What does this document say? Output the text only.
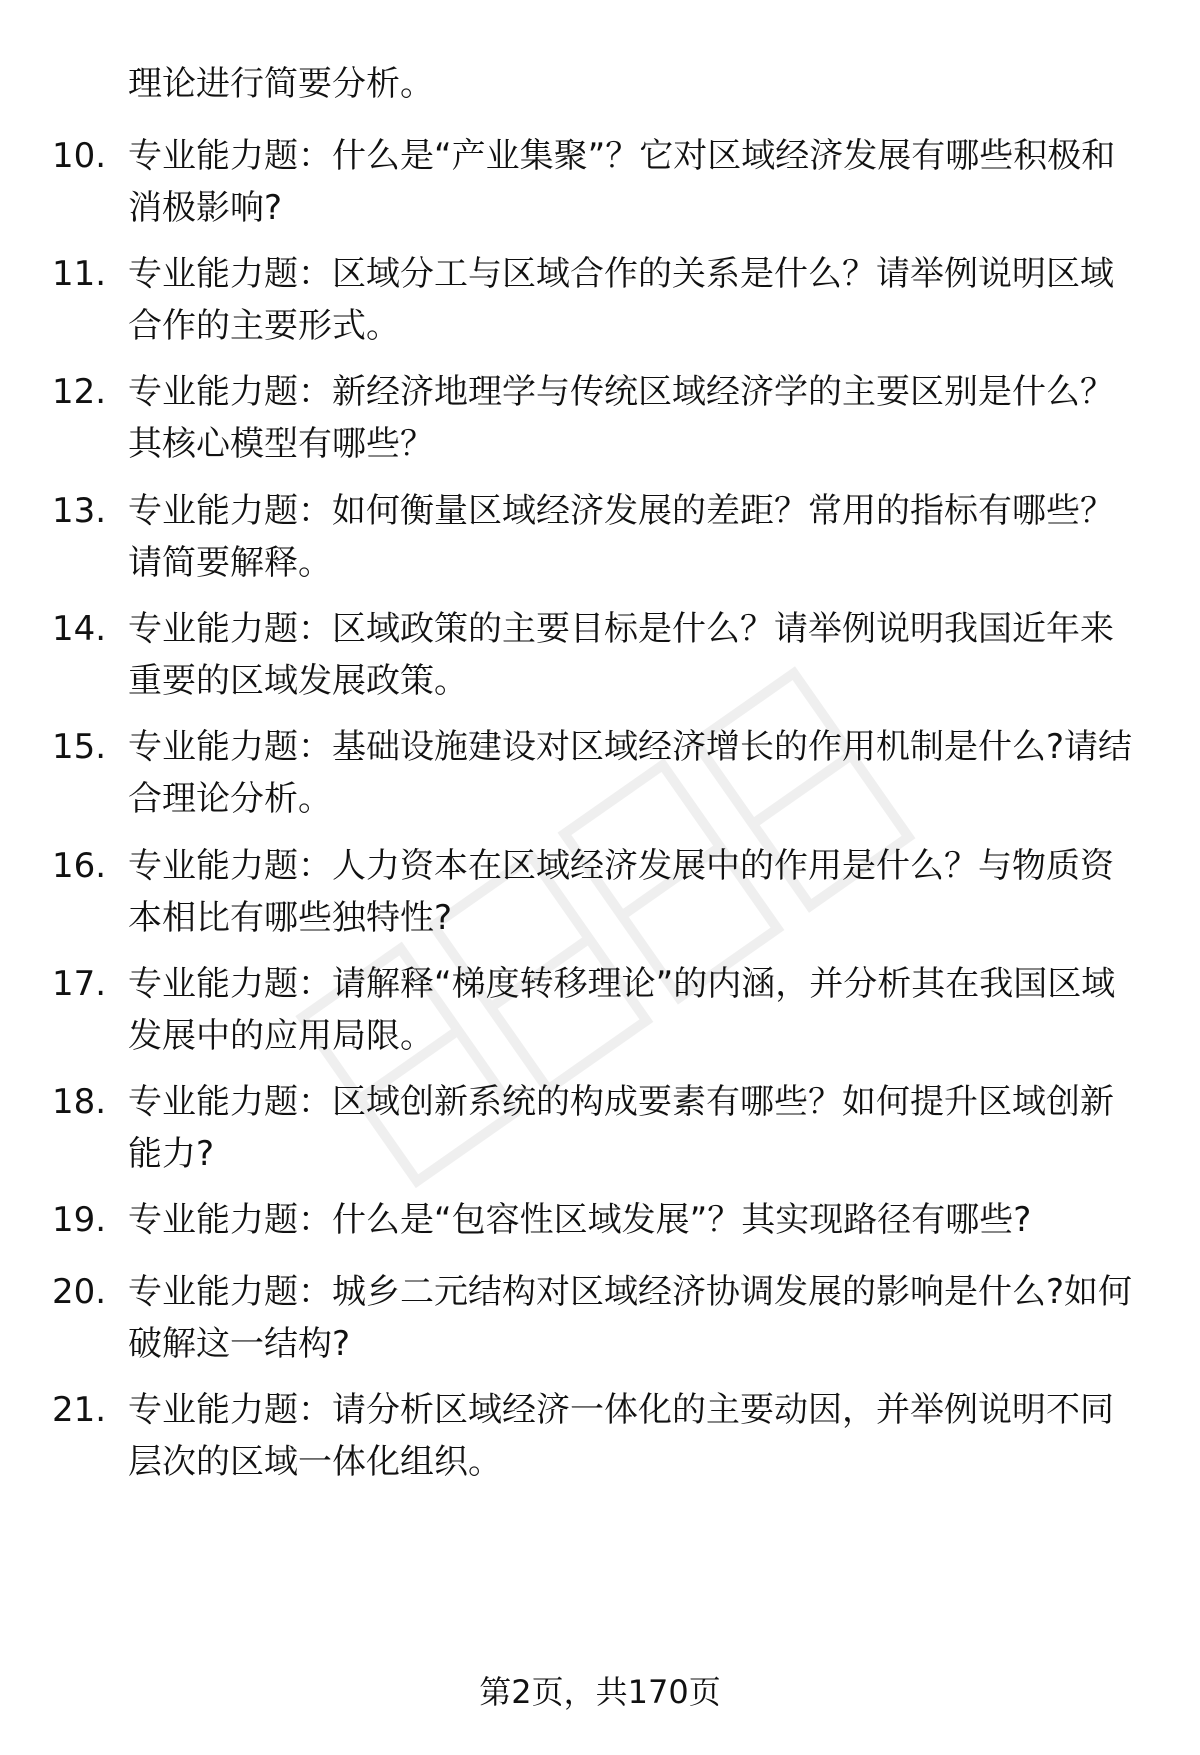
理论进行简要分析。
10. 专业能力题：什么是“产业集聚”？它对区域经济发展有哪些积极和消极影响?
11. 专业能力题：区域分工与区域合作的关系是什么？请举例说明区域合作的主要形式。
12. 专业能力题：新经济地理学与传统区域经济学的主要区别是什么？其核心模型有哪些？
13. 专业能力题：如何衡量区域经济发展的差距？常用的指标有哪些？请简要解释。
14. 专业能力题：区域政策的主要目标是什么？请举例说明我国近年来重要的区域发展政策。
15. 专业能力题：基础设施建设对区域经济增长的作用机制是什么?请结合理论分析。
16. 专业能力题：人力资本在区域经济发展中的作用是什么？与物质资本相比有哪些独特性?
17. 专业能力题：请解释“梯度转移理论”的内涵，并分析其在我国区域发展中的应用局限。
18. 专业能力题：区域创新系统的构成要素有哪些？如何提升区域创新能力?
19. 专业能力题：什么是“包容性区域发展”？其实现路径有哪些?
20. 专业能力题：城乡二元结构对区域经济协调发展的影响是什么?如何破解这一结构?
21. 专业能力题：请分析区域经济一体化的主要动因，并举例说明不同层次的区域一体化组织。
第2页，共170页
